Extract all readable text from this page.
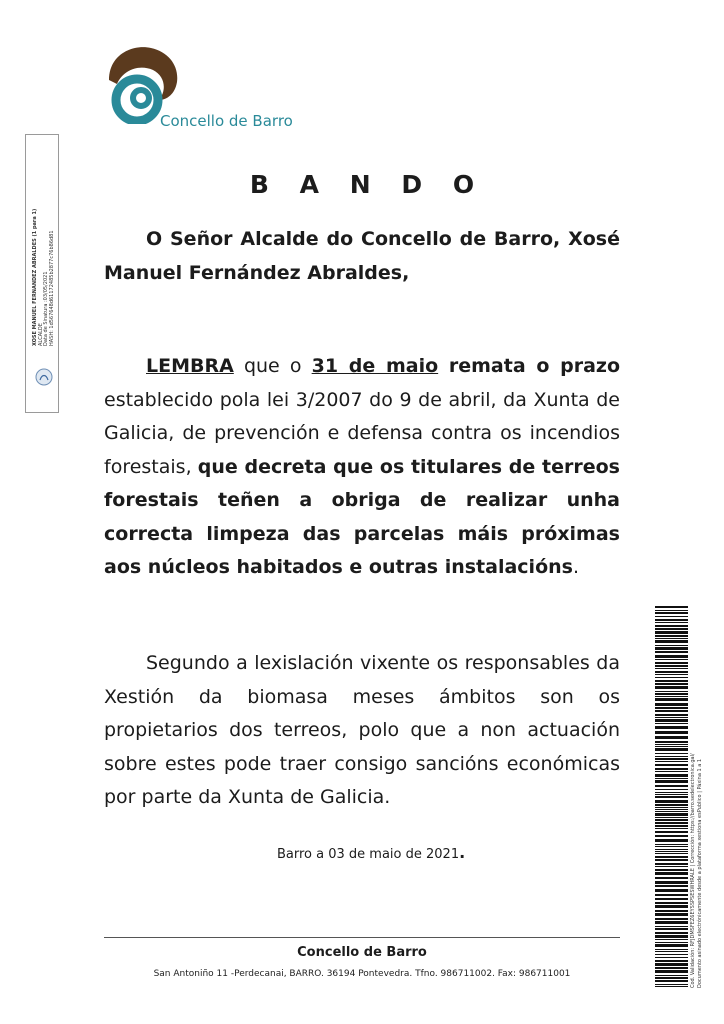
Concello de Barro
XOSE MANUEL FERNANDEZ ABRALDES (1 para 1) ALCALDE Data de Sinatura :03/05/2021 HASH: 1d567648d61172485b2877c76b86d81
B A N D O

O Señor Alcalde do Concello de Barro, Xosé Manuel Fernández Abraldes,

LEMBRA que o 31 de maio remata o prazo establecido pola lei 3/2007 do 9 de abril, da Xunta de Galicia, de prevención e defensa contra os incendios forestais, que decreta que os titulares de terreos forestais teñen a obriga de realizar unha correcta limpeza das parcelas máis próximas aos núcleos habitados e outras instalacións.

Segundo a lexislación vixente os responsables da Xestión da biomasa meses ámbitos son os propietarios dos terreos, polo que a non actuación sobre estes pode traer consigo sancións económicas por parte da Xunta de Galicia.

Barro a 03 de maio de 2021.
Concello de Barro
San Antoniño 11 -Perdecanai, BARRO. 36194 Pontevedra. Tfno. 986711002. Fax: 986711001	Cod. Validación: RFJDMSFEZ6EYSSPSESWHRALE | Corrección: https://barro.sedelectronica.gal/ Documento asinado electrónicamente desde a plataforma xestiona esPublico | Páxina 1 a 1
